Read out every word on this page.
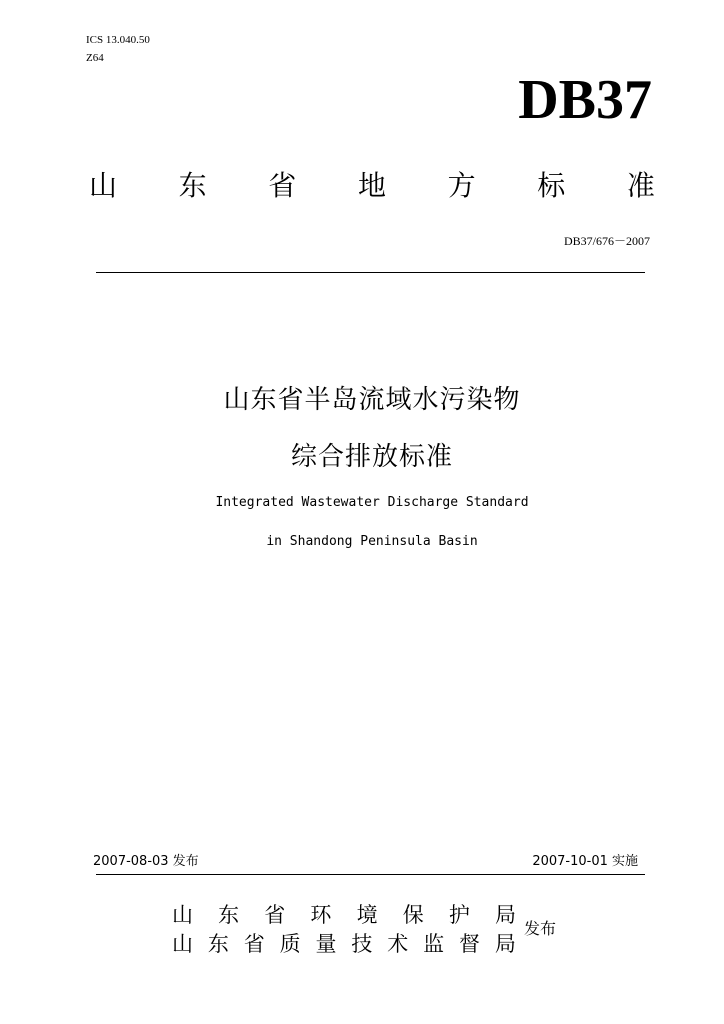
ICS 13.040.50
Z64
DB37
山 东 省 地 方 标 准
DB37/676－2007
山东省半岛流域水污染物
综合排放标准
Integrated Wastewater Discharge Standard
in Shandong Peninsula Basin
2007-08-03 发布	2007-10-01 实施
山 东 省 环 境 保 护 局
山 东 省 质 量 技 术 监 督 局
发布
